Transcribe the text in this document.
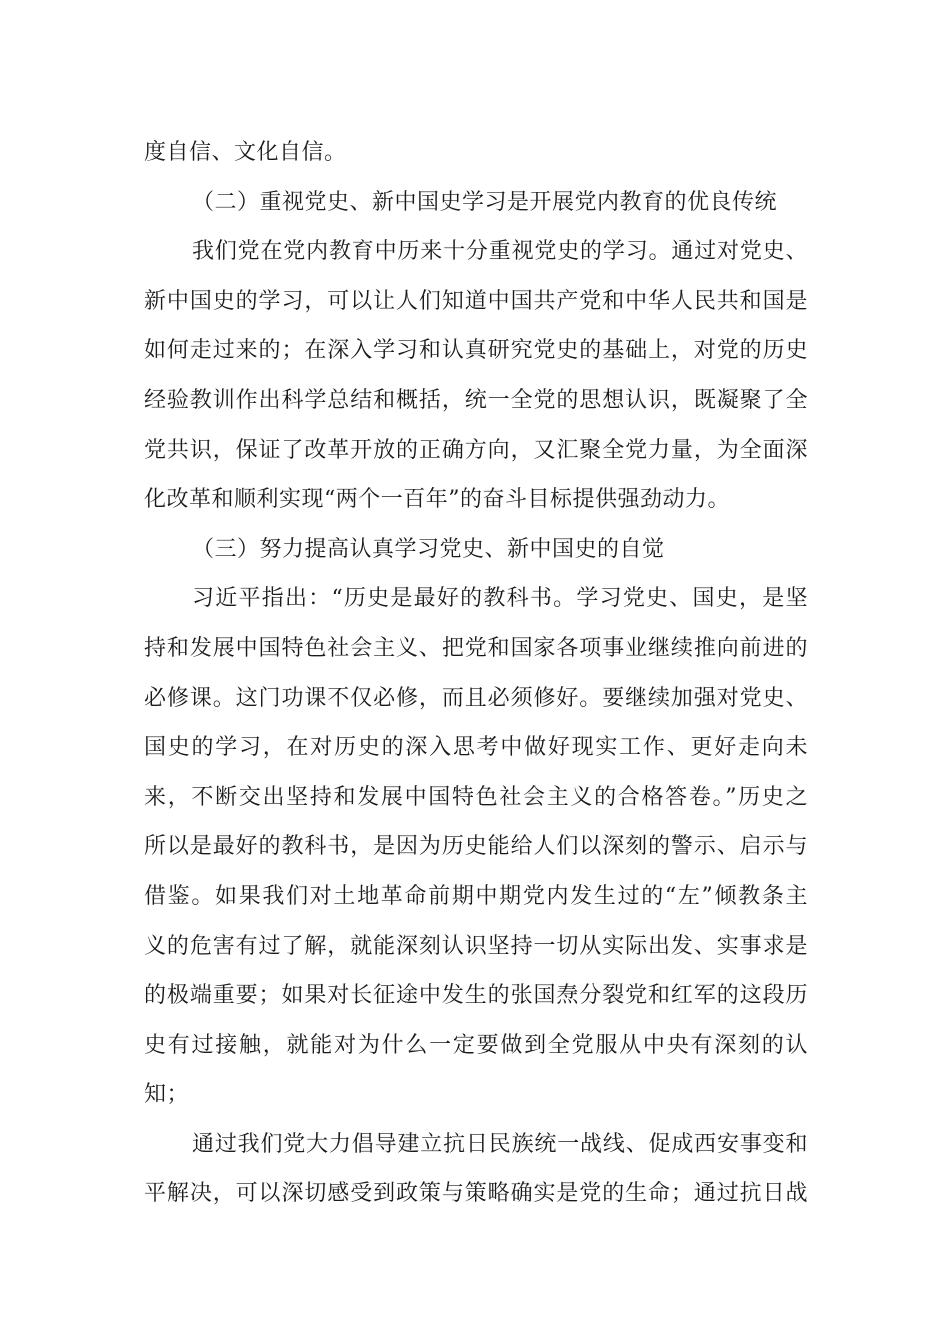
度自信、文化自信。
（二）重视党史、新中国史学习是开展党内教育的优良传统
我们党在党内教育中历来十分重视党史的学习。通过对党史、
新中国史的学习，可以让人们知道中国共产党和中华人民共和国是
如何走过来的；在深入学习和认真研究党史的基础上，对党的历史
经验教训作出科学总结和概括，统一全党的思想认识，既凝聚了全
党共识，保证了改革开放的正确方向，又汇聚全党力量，为全面深
化改革和顺利实现“两个一百年”的奋斗目标提供强劲动力。
（三）努力提高认真学习党史、新中国史的自觉
习近平指出：“历史是最好的教科书。学习党史、国史，是坚
持和发展中国特色社会主义、把党和国家各项事业继续推向前进的
必修课。这门功课不仅必修，而且必须修好。要继续加强对党史、
国史的学习，在对历史的深入思考中做好现实工作、更好走向未
来，不断交出坚持和发展中国特色社会主义的合格答卷。”历史之
所以是最好的教科书，是因为历史能给人们以深刻的警示、启示与
借鉴。如果我们对土地革命前期中期党内发生过的“左”倾教条主
义的危害有过了解，就能深刻认识坚持一切从实际出发、实事求是
的极端重要；如果对长征途中发生的张国焘分裂党和红军的这段历
史有过接触，就能对为什么一定要做到全党服从中央有深刻的认
知；
通过我们党大力倡导建立抗日民族统一战线、促成西安事变和
平解决，可以深切感受到政策与策略确实是党的生命；通过抗日战
